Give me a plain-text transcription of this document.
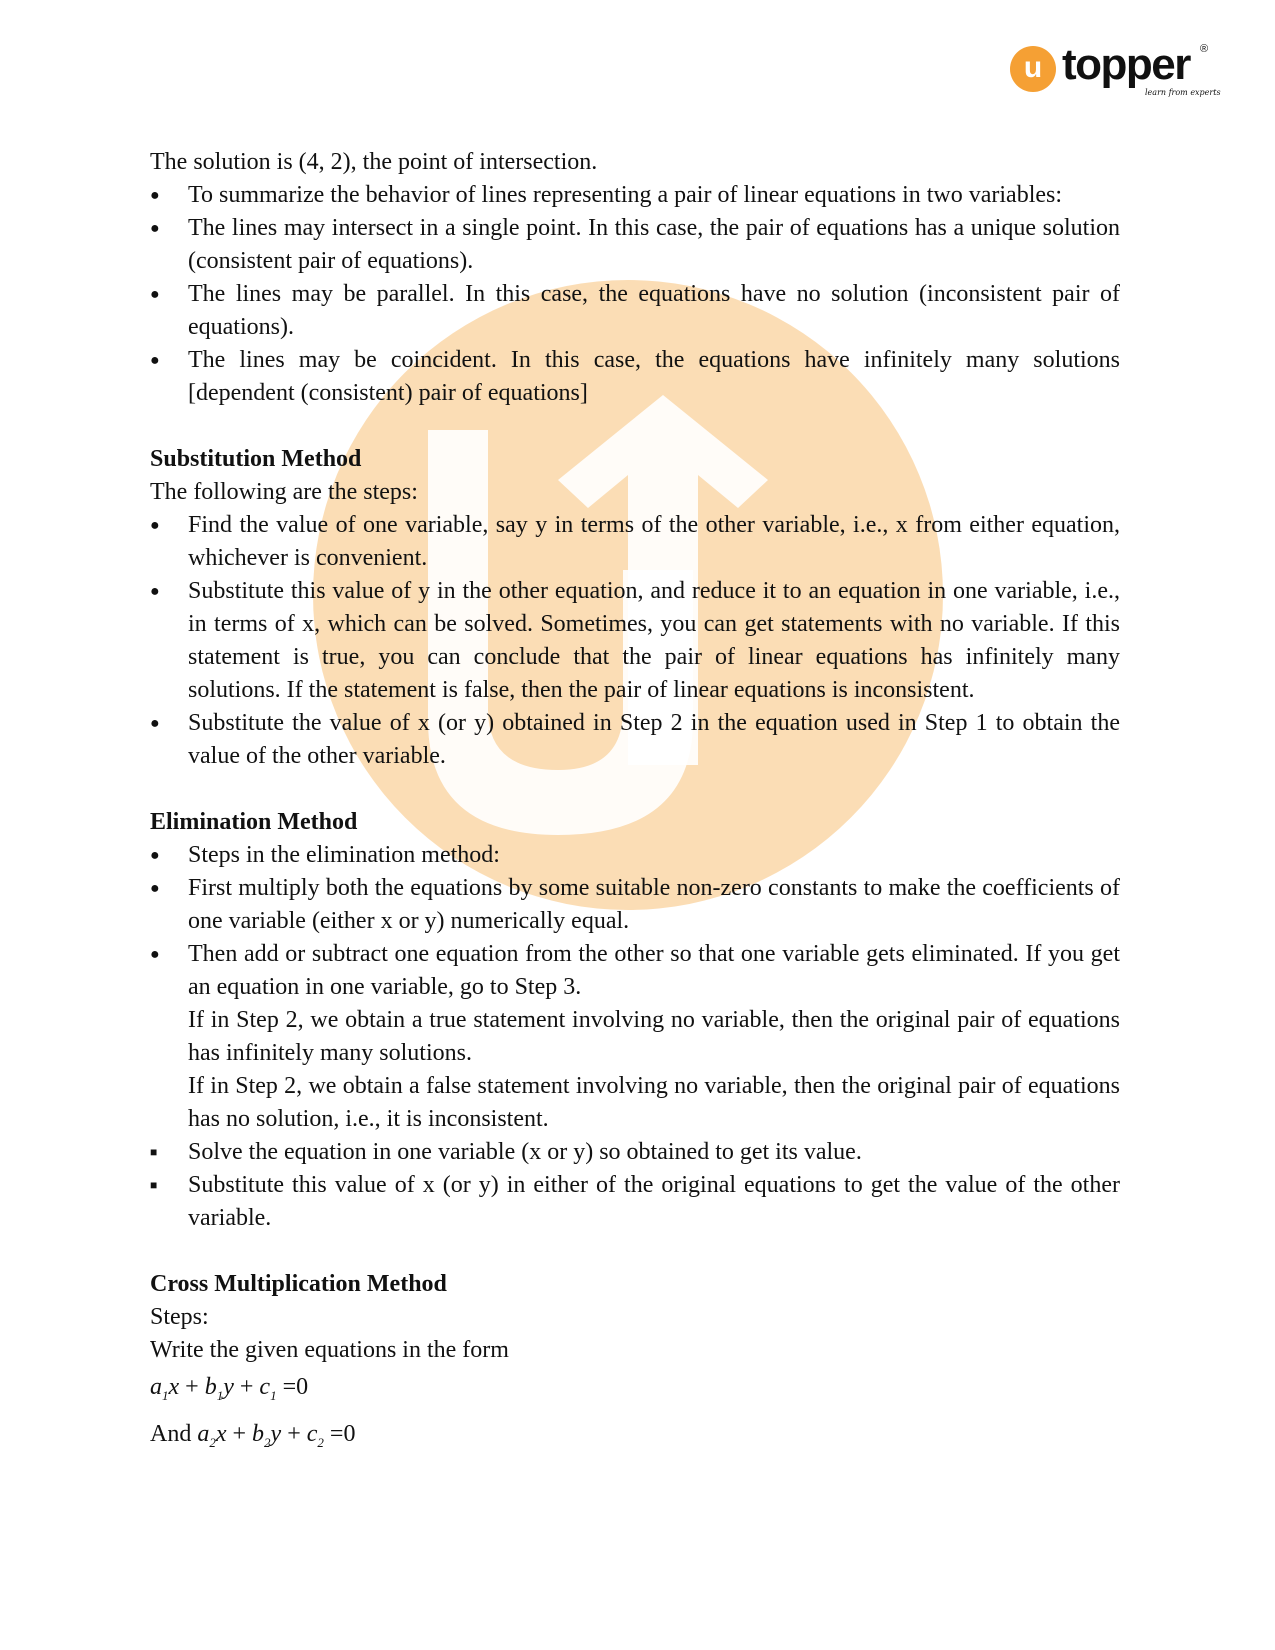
u topper ®
learn from experts

The solution is (4, 2), the point of intersection.

● To summarize the behavior of lines representing a pair of linear equations in two variables:
● The lines may intersect in a single point. In this case, the pair of equations has a unique solution (consistent pair of equations).
● The lines may be parallel. In this case, the equations have no solution (inconsistent pair of equations).
● The lines may be coincident. In this case, the equations have infinitely many solutions [dependent (consistent) pair of equations]
Substitution Method

The following are the steps:

● Find the value of one variable, say y in terms of the other variable, i.e., x from either equation, whichever is convenient.
● Substitute this value of y in the other equation, and reduce it to an equation in one variable, i.e., in terms of x, which can be solved. Sometimes, you can get statements with no variable. If this statement is true, you can conclude that the pair of linear equations has infinitely many solutions. If the statement is false, then the pair of linear equations is inconsistent.
● Substitute the value of x (or y) obtained in Step 2 in the equation used in Step 1 to obtain the value of the other variable.
Elimination Method
● Steps in the elimination method:
● First multiply both the equations by some suitable non-zero constants to make the coefficients of one variable (either x or y) numerically equal.
● Then add or subtract one equation from the other so that one variable gets eliminated. If you get an equation in one variable, go to Step 3.

If in Step 2, we obtain a true statement involving no variable, then the original pair of equations has infinitely many solutions.

If in Step 2, we obtain a false statement involving no variable, then the original pair of equations has no solution, i.e., it is inconsistent.

■ Solve the equation in one variable (x or y) so obtained to get its value.
■ Substitute this value of x (or y) in either of the original equations to get the value of the other variable.
Cross Multiplication Method

Steps:

Write the given equations in the form

$a_1x + b_1y + c_1 =0$
And $a_2x + b_2y + c_2 =0$
